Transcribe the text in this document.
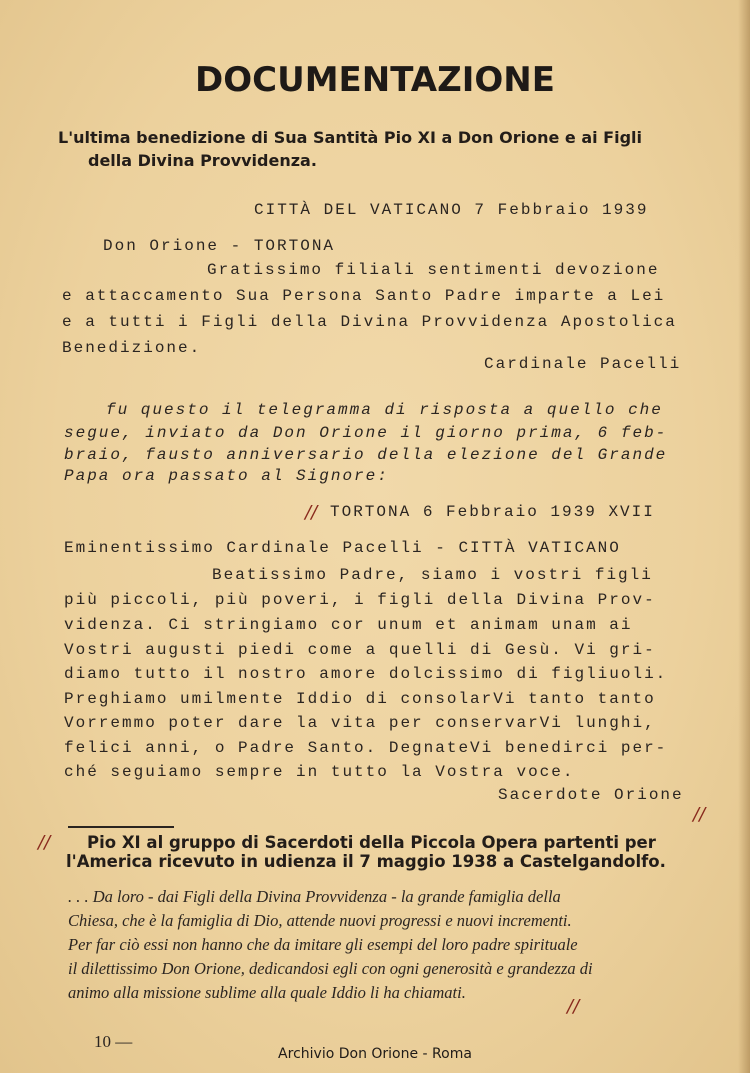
DOCUMENTAZIONE
L'ultima benedizione di Sua Santità Pio XI a Don Orione e ai Figli
della Divina Provvidenza.
CITTÀ DEL VATICANO 7 Febbraio 1939
Don Orione - TORTONA
Gratissimo filiali sentimenti devozione
e attaccamento Sua Persona Santo Padre imparte a Lei
e a tutti i Figli della Divina Provvidenza Apostolica
Benedizione.
Cardinale Pacelli
fu questo il telegramma di risposta a quello che
segue, inviato da Don Orione il giorno prima, 6 feb-
braio, fausto anniversario della elezione del Grande
Papa ora passato al Signore:
// TORTONA 6 Febbraio 1939 XVII
Eminentissimo Cardinale Pacelli - CITTÀ VATICANO
Beatissimo Padre, siamo i vostri figli
più piccoli, più poveri, i figli della Divina Prov-
videnza. Ci stringiamo cor unum et animam unam ai
Vostri augusti piedi come a quelli di Gesù. Vi gri-
diamo tutto il nostro amore dolcissimo di figliuoli.
Preghiamo umilmente Iddio di consolarVi tanto tanto
Vorremmo poter dare la vita per conservarVi lunghi,
felici anni, o Padre Santo. DegnateVi benedirci per-
ché seguiamo sempre in tutto la Vostra voce.
Sacerdote Orione
//
// Pio XI al gruppo di Sacerdoti della Piccola Opera partenti per
l'America ricevuto in udienza il 7 maggio 1938 a Castelgandolfo.
. . . Da loro - dai Figli della Divina Provvidenza - la grande famiglia della
Chiesa, che è la famiglia di Dio, attende nuovi progressi e nuovi incrementi.
Per far ciò essi non hanno che da imitare gli esempi del loro padre spirituale
il dilettissimo Don Orione, dedicandosi egli con ogni generosità e grandezza di
animo alla missione sublime alla quale Iddio li ha chiamati.
//
10 —
Archivio Don Orione - Roma
